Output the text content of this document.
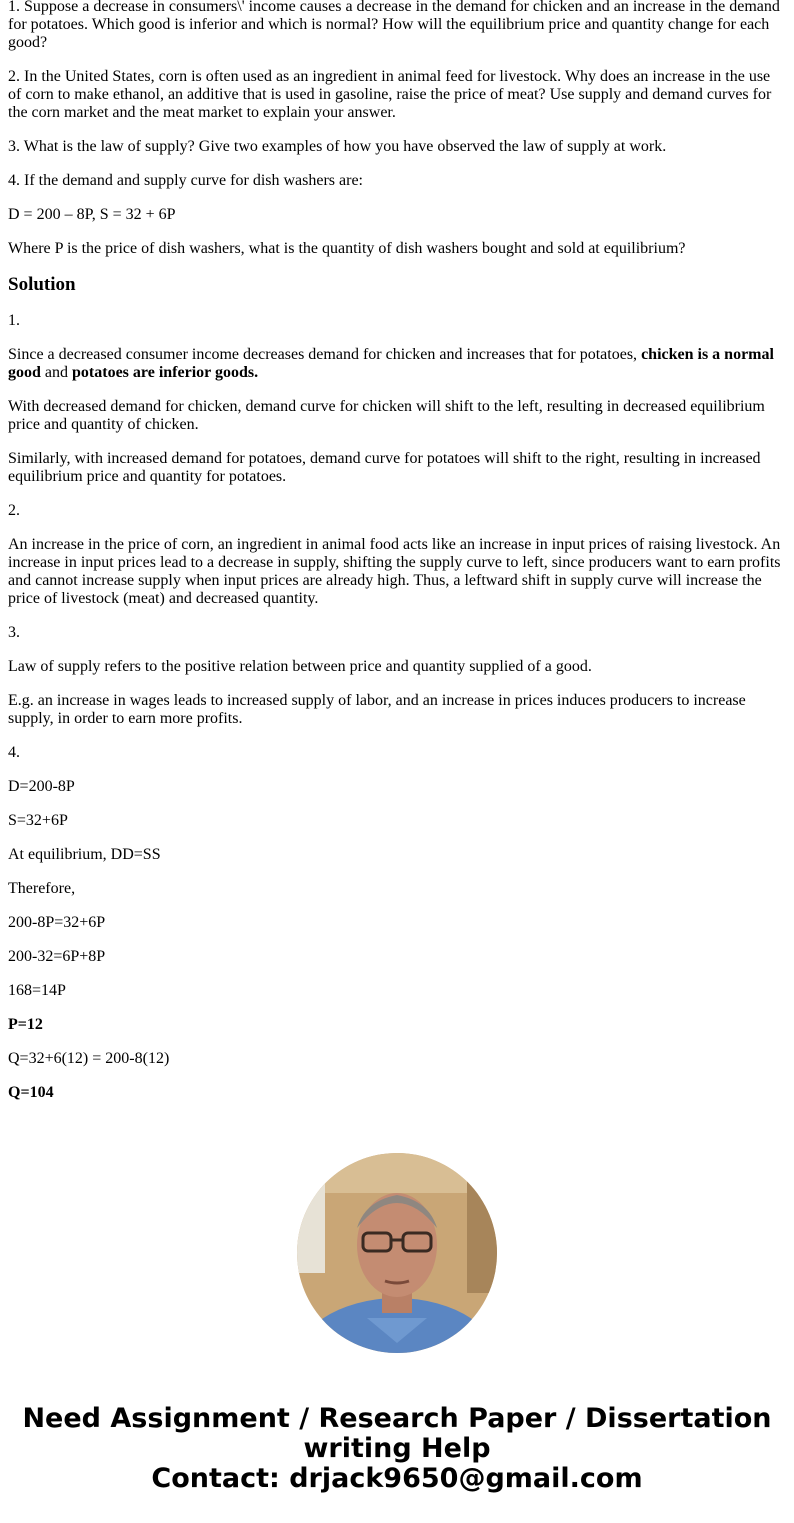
1. Suppose a decrease in consumers\' income causes a decrease in the demand for chicken and an increase in the demand for potatoes. Which good is inferior and which is normal? How will the equilibrium price and quantity change for each good?

2. In the United States, corn is often used as an ingredient in animal feed for livestock. Why does an increase in the use of corn to make ethanol, an additive that is used in gasoline, raise the price of meat? Use supply and demand curves for the corn market and the meat market to explain your answer.

3. What is the law of supply? Give two examples of how you have observed the law of supply at work.

4. If the demand and supply curve for dish washers are:

D = 200 – 8P, S = 32 + 6P

Where P is the price of dish washers, what is the quantity of dish washers bought and sold at equilibrium?

Solution

1.

Since a decreased consumer income decreases demand for chicken and increases that for potatoes, chicken is a normal good and potatoes are inferior goods.

With decreased demand for chicken, demand curve for chicken will shift to the left, resulting in decreased equilibrium price and quantity of chicken.

Similarly, with increased demand for potatoes, demand curve for potatoes will shift to the right, resulting in increased equilibrium price and quantity for potatoes.

2.

An increase in the price of corn, an ingredient in animal food acts like an increase in input prices of raising livestock. An increase in input prices lead to a decrease in supply, shifting the supply curve to left, since producers want to earn profits and cannot increase supply when input prices are already high. Thus, a leftward shift in supply curve will increase the price of livestock (meat) and decreased quantity.

3.

Law of supply refers to the positive relation between price and quantity supplied of a good.

E.g. an increase in wages leads to increased supply of labor, and an increase in prices induces producers to increase supply, in order to earn more profits.

4.

D=200-8P

S=32+6P

At equilibrium, DD=SS

Therefore,

200-8P=32+6P

200-32=6P+8P

168=14P

P=12

Q=32+6(12) = 200-8(12)

Q=104

Need Assignment / Research Paper / Dissertation
writing Help
Contact: drjack9650@gmail.com
